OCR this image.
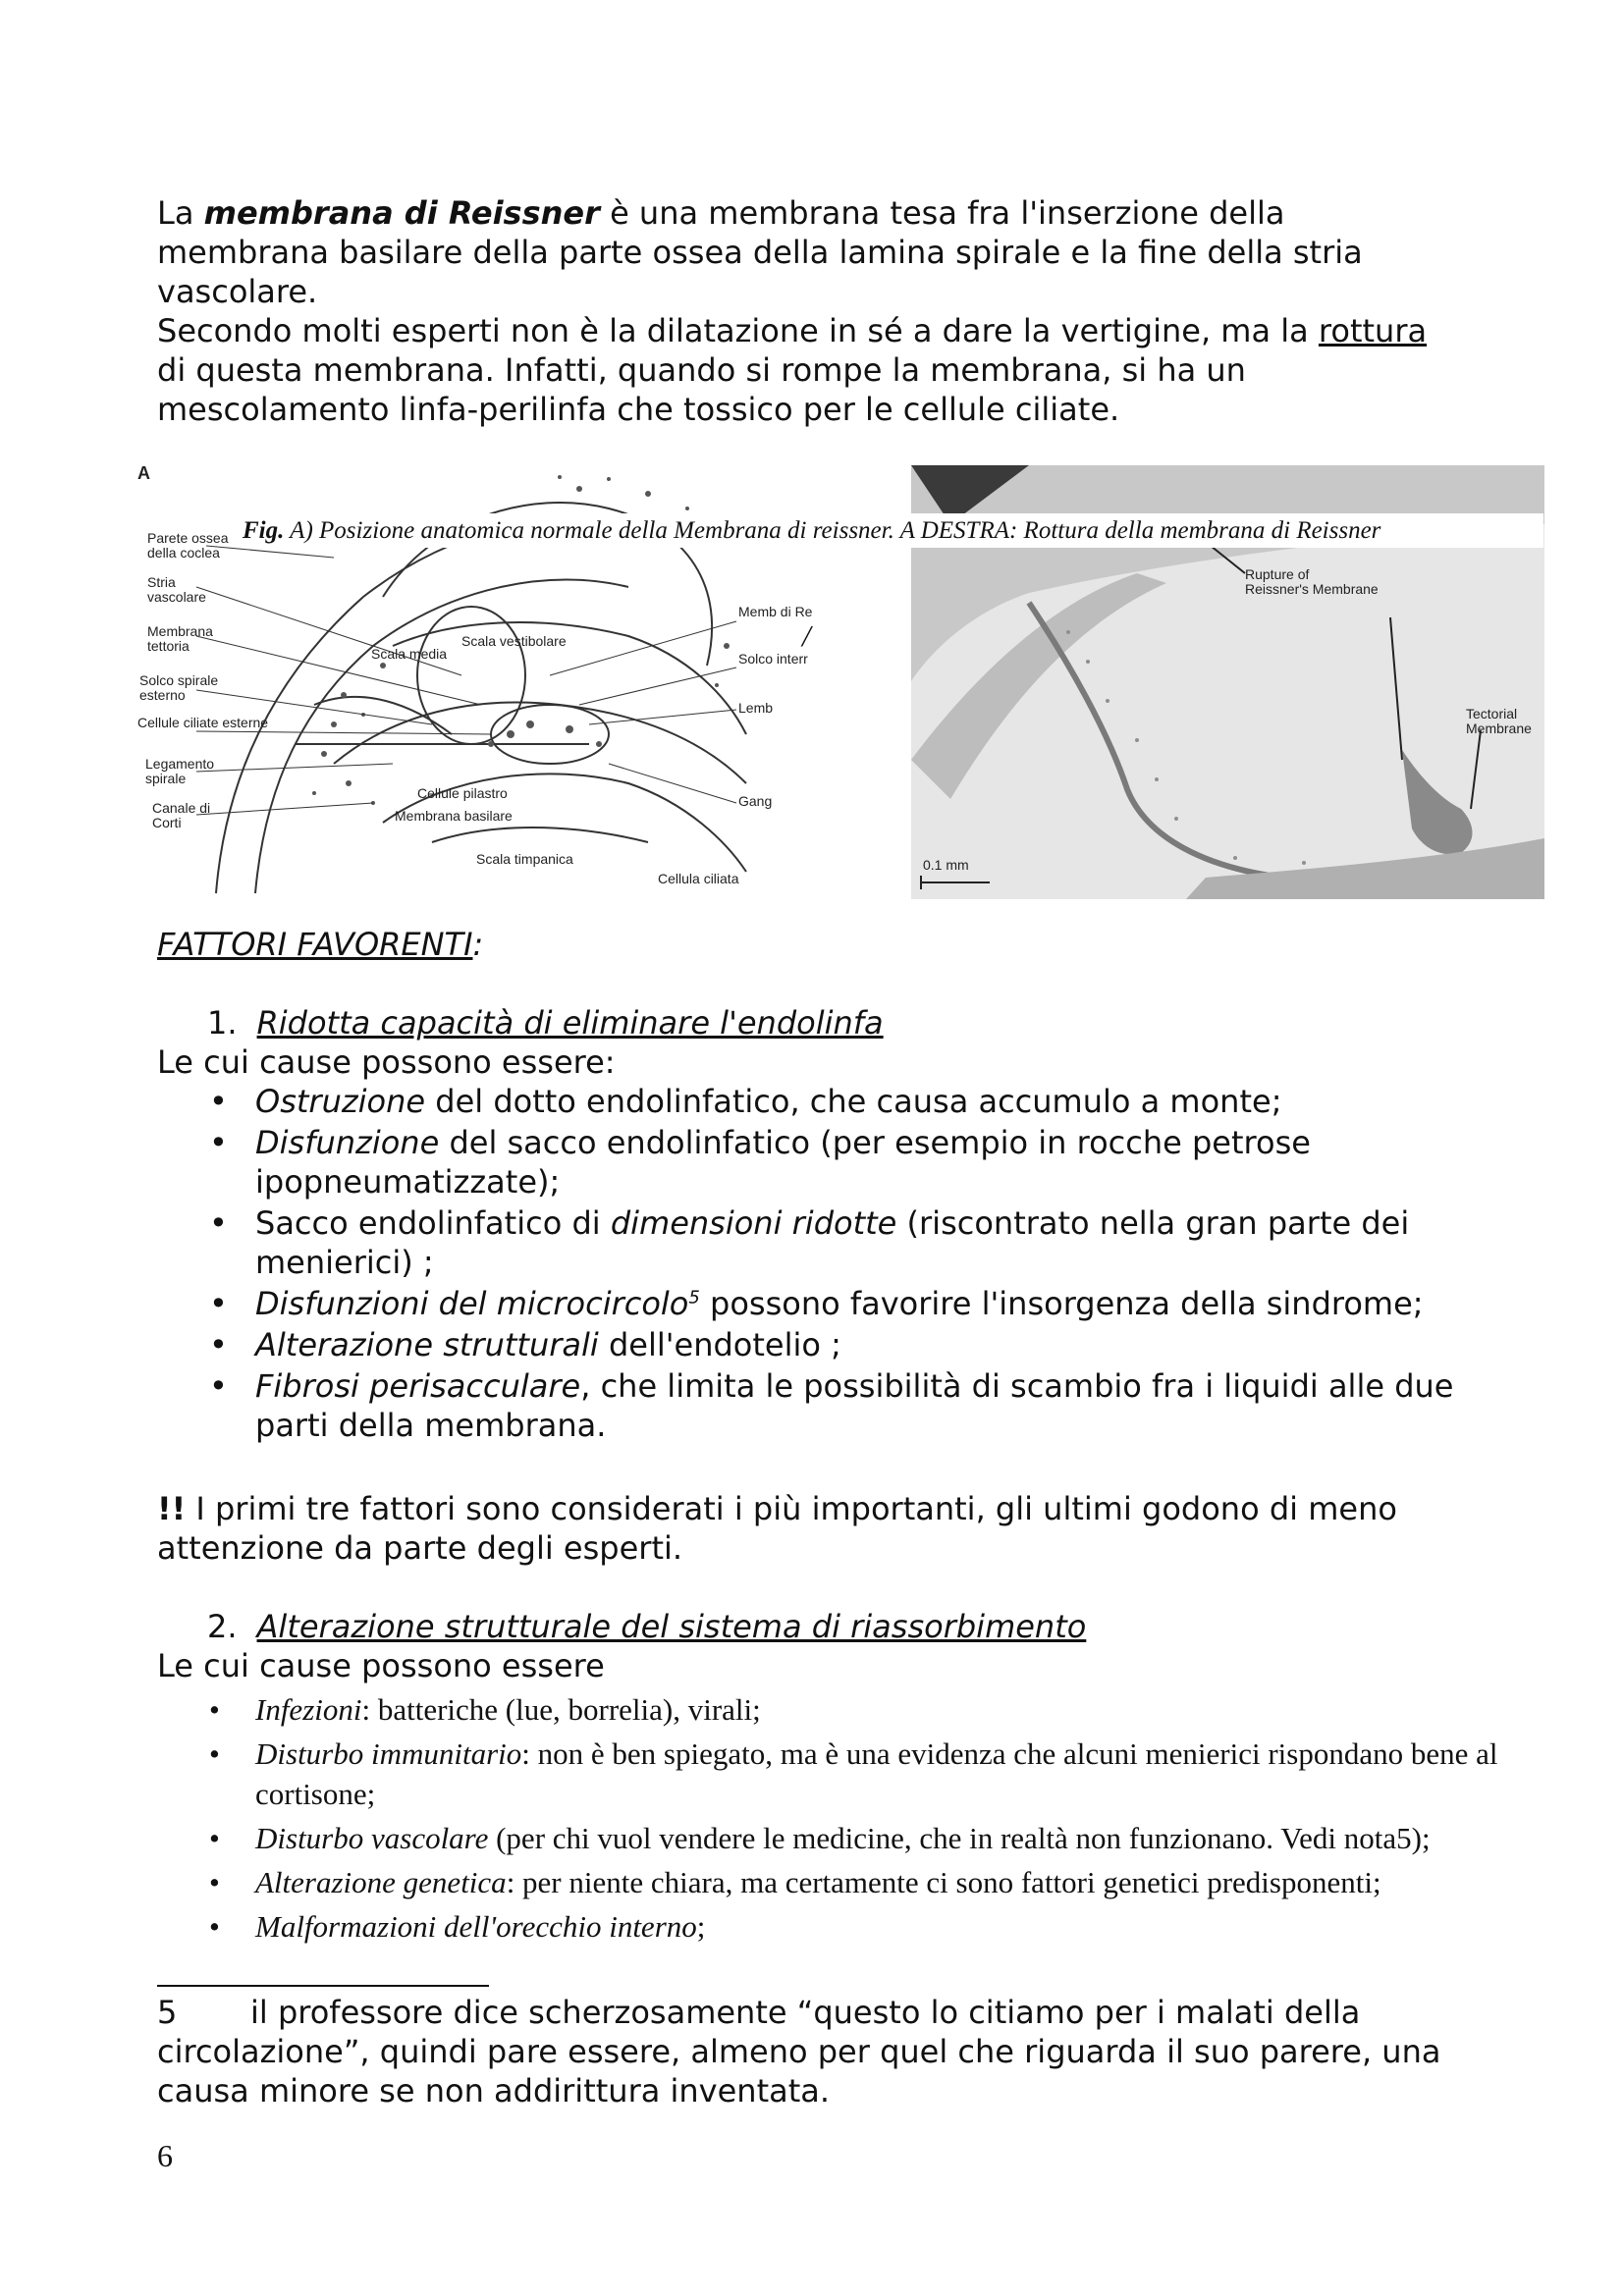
La membrana di Reissner è una membrana tesa fra l'inserzione della membrana basilare della parte ossea della lamina spirale e la fine della stria vascolare.

Secondo molti esperti non è la dilatazione in sé a dare la vertigine, ma la rottura di questa membrana. Infatti, quando si rompe la membrana, si ha un mescolamento linfa-perilinfa che tossico per le cellule ciliate.

A
Parete ossea della coclea
Stria vascolare
Membrana tettoria
Solco spirale esterno
Cellule ciliate esterne
Legamento spirale
Canale di Corti
Scala vestibolare
Scala media
Cellule pilastro
Membrana basilare
Scala timpanica
Cellula ciliata
Memb di Re
Solco interr
Lemb
Gang
Rupture of Reissner's Membrane
Tectorial Membrane
0.1 mm
Fig. A) Posizione anatomica normale della Membrana di reissner. A DESTRA: Rottura della membrana di Reissner
/
FATTORI FAVORENTI:
1. Ridotta capacità di eliminare l'endolinfa
Le cui cause possono essere:
• Ostruzione del dotto endolinfatico, che causa accumulo a monte;
• Disfunzione del sacco endolinfatico (per esempio in rocche petrose ipopneumatizzate);
• Sacco endolinfatico di dimensioni ridotte (riscontrato nella gran parte dei menierici) ;
• Disfunzioni del microcircolo$^5$ possono favorire l'insorgenza della sindrome;
• Alterazione strutturali dell'endotelio ;
• Fibrosi perisacculare, che limita le possibilità di scambio fra i liquidi alle due parti della membrana.
!! I primi tre fattori sono considerati i più importanti, gli ultimi godono di meno attenzione da parte degli esperti.
2. Alterazione strutturale del sistema di riassorbimento
Le cui cause possono essere
• Infezioni: batteriche (lue, borrelia), virali;
• Disturbo immunitario: non è ben spiegato, ma è una evidenza che alcuni menierici rispondano bene al cortisone;
• Disturbo vascolare (per chi vuol vendere le medicine, che in realtà non funzionano. Vedi nota5);
• Alterazione genetica: per niente chiara, ma certamente ci sono fattori genetici predisponenti;
• Malformazioni dell'orecchio interno;
5 il professore dice scherzosamente “questo lo citiamo per i malati della circolazione”, quindi pare essere, almeno per quel che riguarda il suo parere, una causa minore se non addirittura inventata.
6
